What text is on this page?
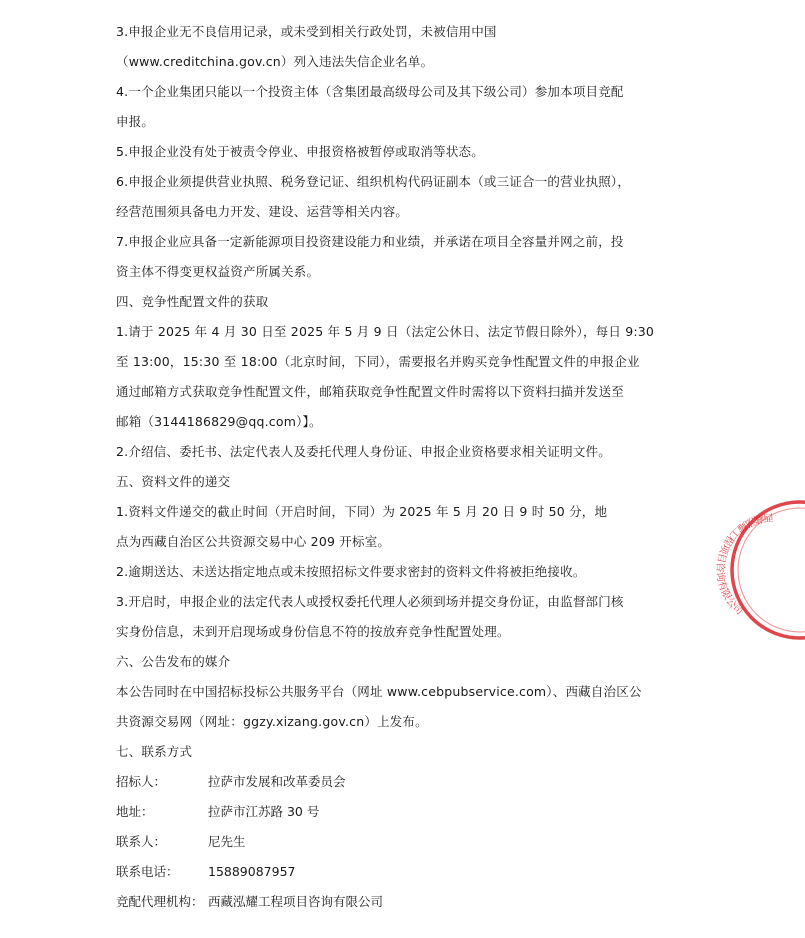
3.申报企业无不良信用记录，或未受到相关行政处罚，未被信用中国
（www.creditchina.gov.cn）列入违法失信企业名单。
4.一个企业集团只能以一个投资主体（含集团最高级母公司及其下级公司）参加本项目竞配
申报。
5.申报企业没有处于被责令停业、申报资格被暂停或取消等状态。
6.申报企业须提供营业执照、税务登记证、组织机构代码证副本（或三证合一的营业执照），
经营范围须具备电力开发、建设、运营等相关内容。
7.申报企业应具备一定新能源项目投资建设能力和业绩，并承诺在项目全容量并网之前，投
资主体不得变更权益资产所属关系。
四、竞争性配置文件的获取
1.请于 2025 年 4 月 30 日至 2025 年 5 月 9 日（法定公休日、法定节假日除外），每日 9:30
至 13:00，15:30 至 18:00（北京时间，下同），需要报名并购买竞争性配置文件的申报企业
通过邮箱方式获取竞争性配置文件，邮箱获取竞争性配置文件时需将以下资料扫描并发送至
邮箱（3144186829@qq.com）】。
2.介绍信、委托书、法定代表人及委托代理人身份证、申报企业资格要求相关证明文件。
五、资料文件的递交
1.资料文件递交的截止时间（开启时间，下同）为 2025 年 5 月 20 日 9 时 50 分，地
点为西藏自治区公共资源交易中心 209 开标室。
2.逾期送达、未送达指定地点或未按照招标文件要求密封的资料文件将被拒绝接收。
3.开启时，申报企业的法定代表人或授权委托代理人必须到场并提交身份证，由监督部门核
实身份信息，未到开启现场或身份信息不符的按放弃竞争性配置处理。
六、公告发布的媒介
本公告同时在中国招标投标公共服务平台（网址 www.cebpubservice.com）、西藏自治区公
共资源交易网（网址：ggzy.xizang.gov.cn）上发布。
七、联系方式
招标人：	拉萨市发展和改革委员会
地址：	拉萨市江苏路 30 号
联系人：	尼先生
联系电话： 15889087957
竞配代理机构： 西藏泓耀工程项目咨询有限公司
西藏泓耀工程项目咨询有限公司
